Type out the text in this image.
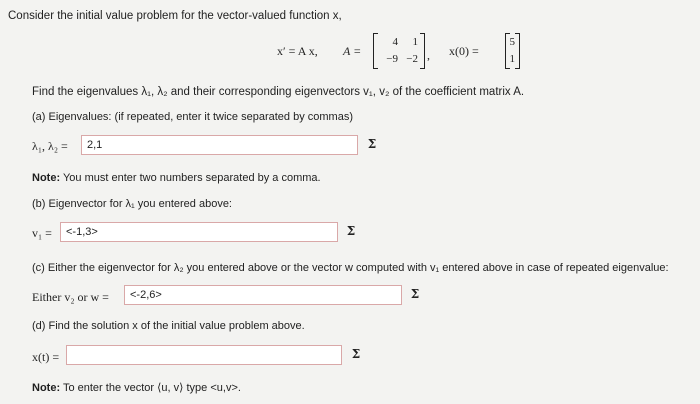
Consider the initial value problem for the vector-valued function x,
x′ = A x, A =
4	1
−9 −2 , x(0) =
5
1
Find the eigenvalues λ₁, λ₂ and their corresponding eigenvectors v₁, v₂ of the coefficient matrix A.
(a) Eigenvalues: (if repeated, enter it twice separated by commas)
λ₁, λ₂ =	2,1	Σ
Note: You must enter two numbers separated by a comma.
(b) Eigenvector for λ₁ you entered above:
v₁ =	<-1,3>	Σ
(c) Either the eigenvector for λ₂ you entered above or the vector w computed with v₁ entered above in case of repeated eigenvalue:
Either v₂ or w =	<-2,6>	Σ
(d) Find the solution x of the initial value problem above.
x(t) =	Σ
Note: To enter the vector ⟨u, v⟩ type <u,v>.
